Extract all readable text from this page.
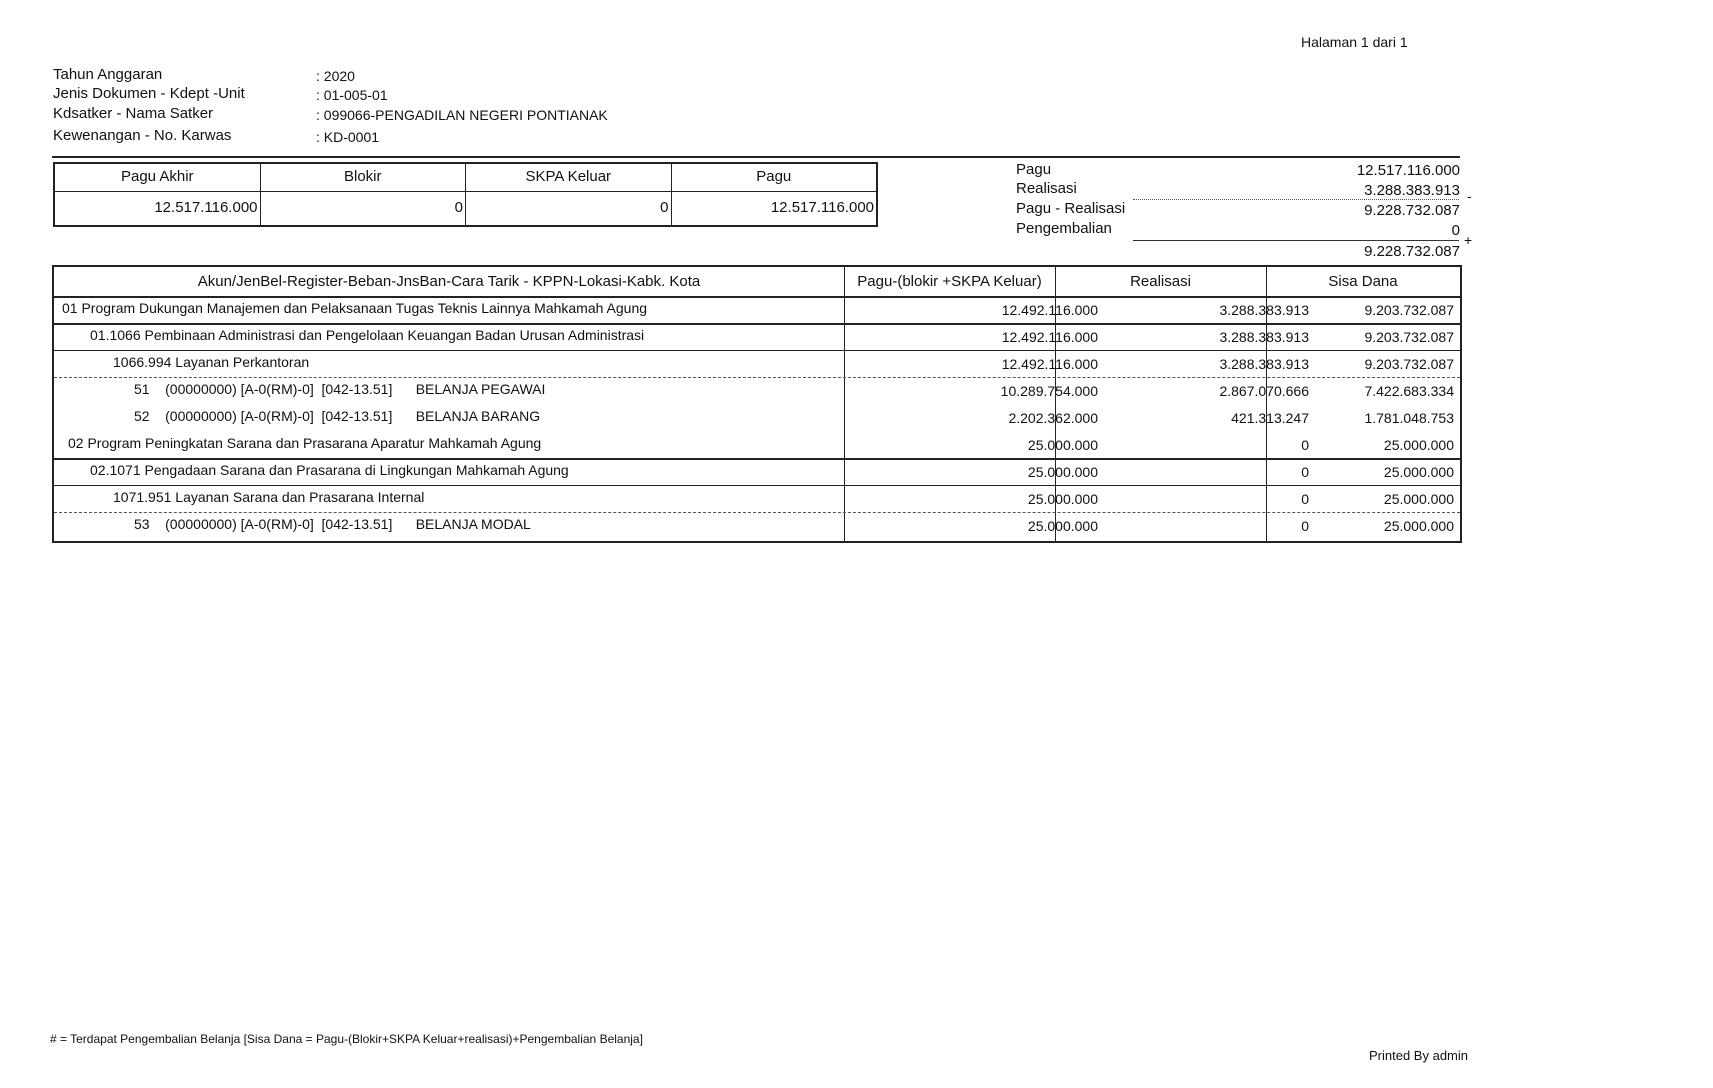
Halaman 1 dari 1
Tahun Anggaran	: 2020
Jenis Dokumen - Kdept -Unit	: 01-005-01
Kdsatker - Nama Satker	: 099066-PENGADILAN NEGERI PONTIANAK
Kewenangan - No. Karwas	: KD-0001
Pagu Akhir	Blokir	SKPA Keluar	Pagu
12.517.116.000	0	0	12.517.116.000
Pagu	12.517.116.000
Realisasi	3.288.383.913 -
Pagu - Realisasi	9.228.732.087
Pengembalian	0
+
9.228.732.087
Akun/JenBel-Register-Beban-JnsBan-Cara Tarik - KPPN-Lokasi-Kabk. Kota	Pagu-(blokir +SKPA Keluar)	Realisasi	Sisa Dana
01 Program Dukungan Manajemen dan Pelaksanaan Tugas Teknis Lainnya Mahkamah Agung	12.492.116.000	3.288.383.913	9.203.732.087
01.1066 Pembinaan Administrasi dan Pengelolaan Keuangan Badan Urusan Administrasi	12.492.116.000	3.288.383.913	9.203.732.087
1066.994 Layanan Perkantoran	12.492.116.000	3.288.383.913	9.203.732.087
51    (00000000) [A-0(RM)-0]  [042-13.51]      BELANJA PEGAWAI	10.289.754.000	2.867.070.666	7.422.683.334
52    (00000000) [A-0(RM)-0]  [042-13.51]      BELANJA BARANG	2.202.362.000	421.313.247	1.781.048.753
02 Program Peningkatan Sarana dan Prasarana Aparatur Mahkamah Agung	25.000.000	0	25.000.000
02.1071 Pengadaan Sarana dan Prasarana di Lingkungan Mahkamah Agung	25.000.000	0	25.000.000
1071.951 Layanan Sarana dan Prasarana Internal	25.000.000	0	25.000.000
53    (00000000) [A-0(RM)-0]  [042-13.51]      BELANJA MODAL	25.000.000	0	25.000.000
# = Terdapat Pengembalian Belanja [Sisa Dana = Pagu-(Blokir+SKPA Keluar+realisasi)+Pengembalian Belanja]
Printed By admin
